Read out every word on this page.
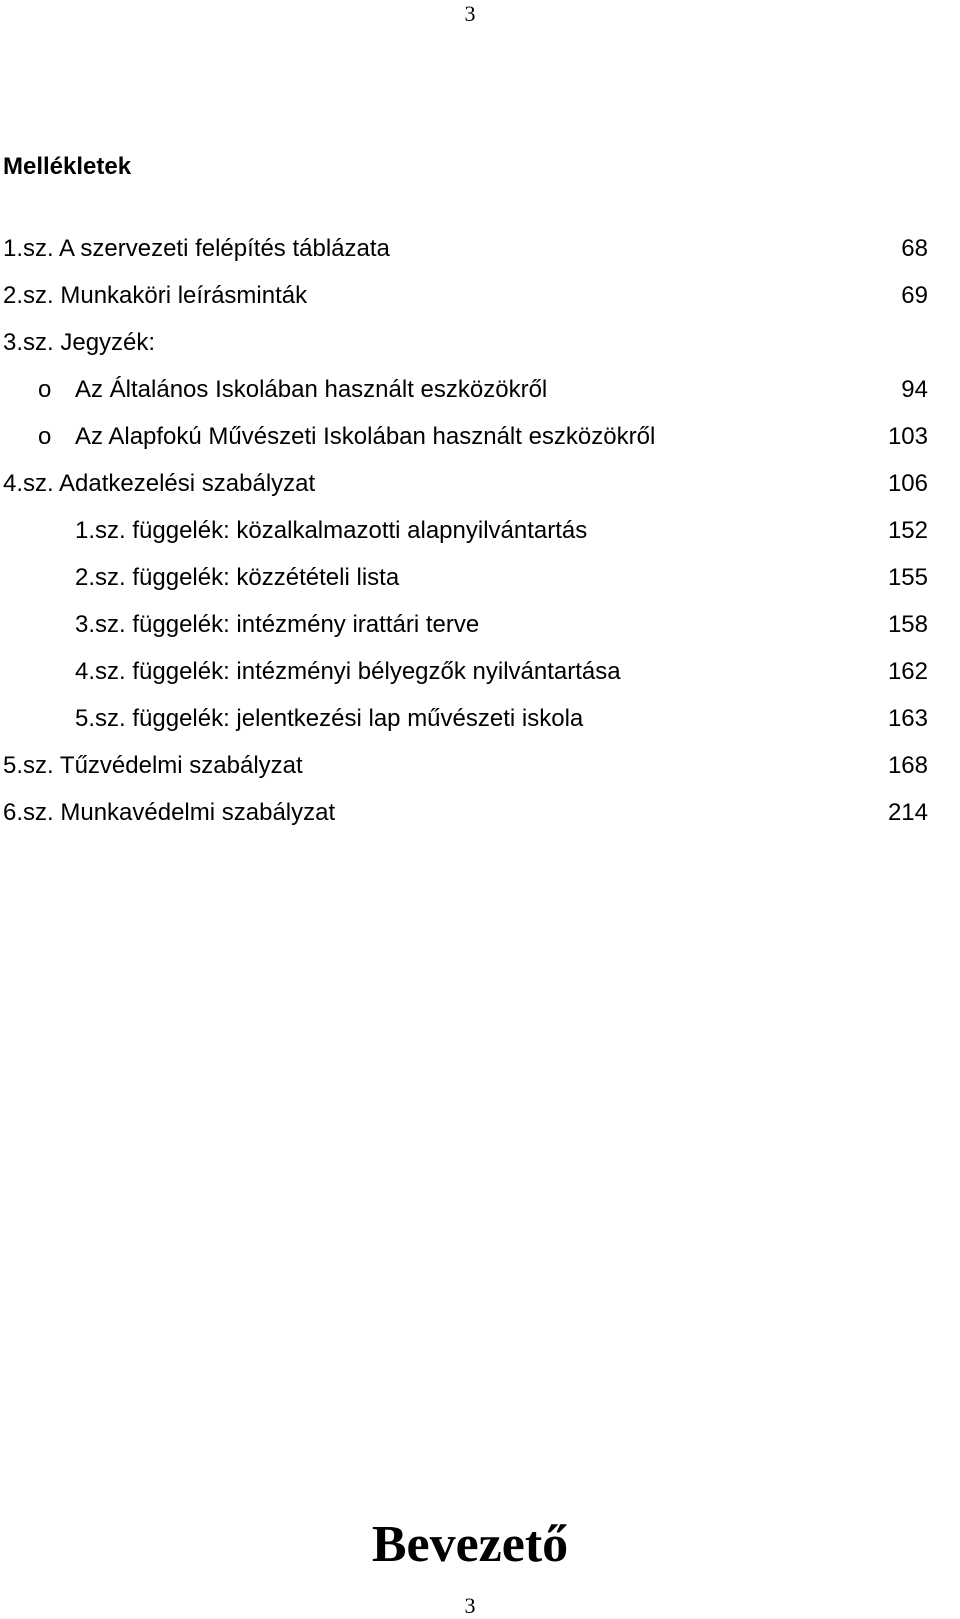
3
Mellékletek
1.sz. A szervezeti felépítés táblázata	68
2.sz. Munkaköri leírásminták	69
3.sz. Jegyzék:
o Az Általános Iskolában használt eszközökről	94
o Az Alapfokú Művészeti Iskolában használt eszközökről	103
4.sz. Adatkezelési szabályzat	106
1.sz. függelék: közalkalmazotti alapnyilvántartás	152
2.sz. függelék: közzétételi lista	155
3.sz. függelék: intézmény irattári terve	158
4.sz. függelék: intézményi bélyegzők nyilvántartása	162
5.sz. függelék: jelentkezési lap művészeti iskola	163
5.sz. Tűzvédelmi szabályzat	168
6.sz. Munkavédelmi szabályzat	214
Bevezető
3
